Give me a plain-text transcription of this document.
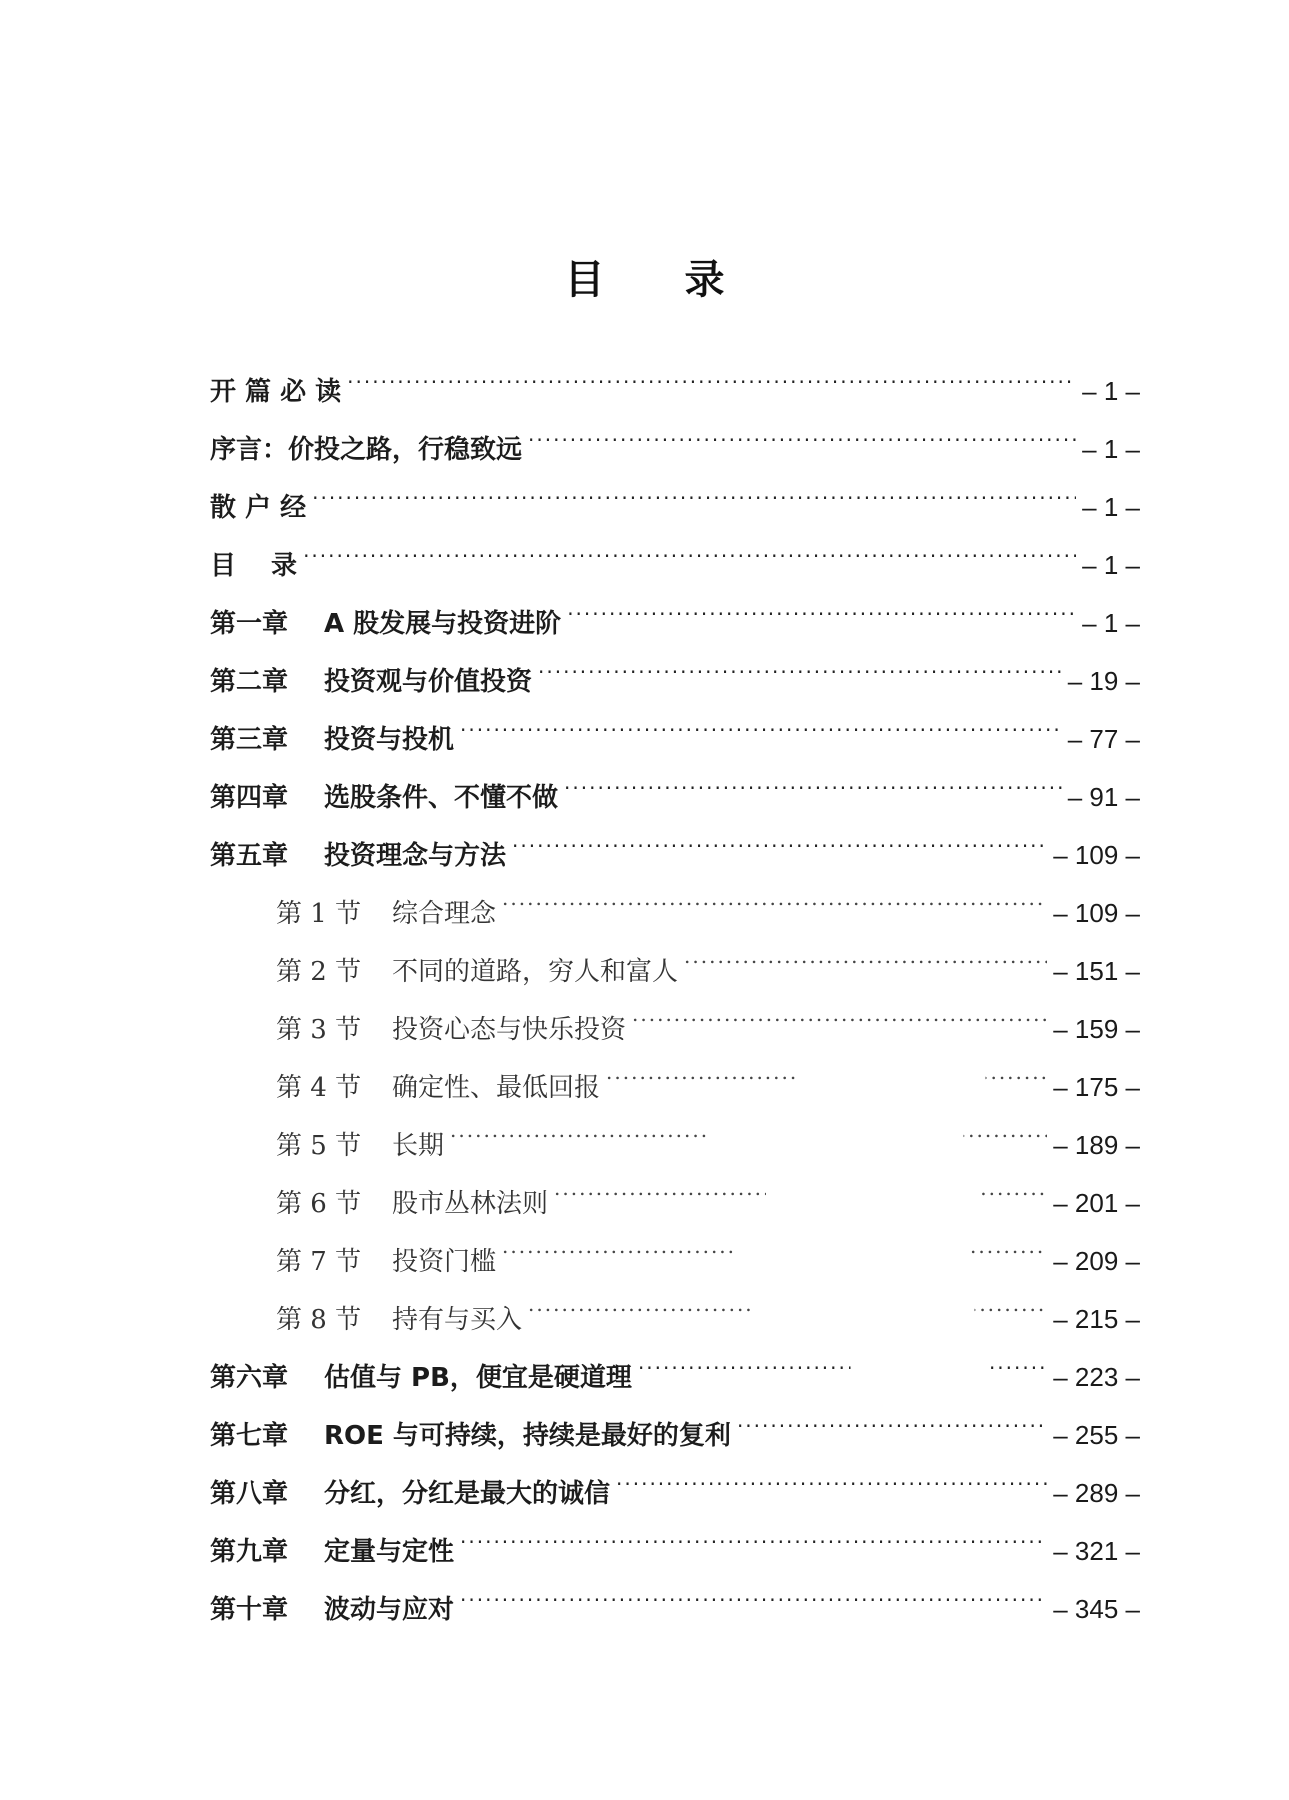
目 录
开 篇 必 读 .....	– 1 –
序言：价投之路，行稳致远 .....	– 1 –
散 户 经 .....	– 1 –
目　 录 .....	– 1 –
第一章	A 股发展与投资进阶 .....	– 1 –
第二章	投资观与价值投资 .....	– 19 –
第三章	投资与投机 .....	– 77 –
第四章	选股条件、不懂不做 .....	– 91 –
第五章	投资理念与方法 .....	– 109 –
第 1 节	综合理念 .....	– 109 –
第 2 节	不同的道路，穷人和富人 .....	– 151 –
第 3 节	投资心态与快乐投资 .....	– 159 –
第 4 节	确定性、最低回报 .....	– 175 –
第 5 节	长期 .....	– 189 –
第 6 节	股市丛林法则 .....	– 201 –
第 7 节	投资门槛 .....	– 209 –
第 8 节	持有与买入 .....	– 215 –
第六章	估值与 PB，便宜是硬道理 .....	– 223 –
第七章	ROE 与可持续，持续是最好的复利 .....	– 255 –
第八章	分红，分红是最大的诚信 .....	– 289 –
第九章	定量与定性 .....	– 321 –
第十章	波动与应对 .....	– 345 –
